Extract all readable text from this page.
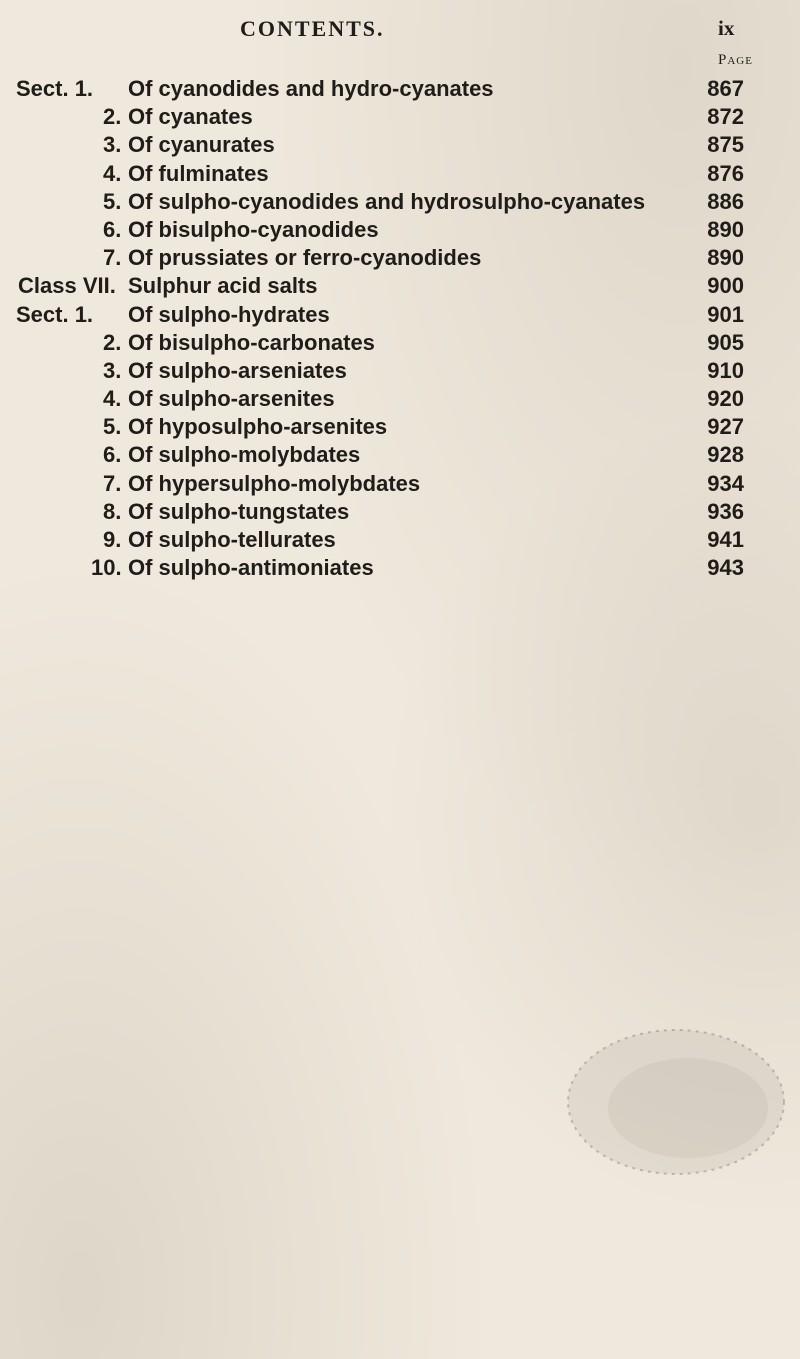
CONTENTS.	ix
Page
Sect. 1. Of cyanodides and hydro-cyanates	867
2. Of cyanates	872
3. Of cyanurates	875
4. Of fulminates	876
5. Of sulpho-cyanodides and hydrosulpho-cyanates	886
6. Of bisulpho-cyanodides	890
7. Of prussiates or ferro-cyanodides	890
Class VII. Sulphur acid salts	900
Sect. 1. Of sulpho-hydrates	901
2. Of bisulpho-carbonates	905
3. Of sulpho-arseniates	910
4. Of sulpho-arsenites	920
5. Of hyposulpho-arsenites	927
6. Of sulpho-molybdates	928
7. Of hypersulpho-molybdates	934
8. Of sulpho-tungstates	936
9. Of sulpho-tellurates	941
10. Of sulpho-antimoniates	943
